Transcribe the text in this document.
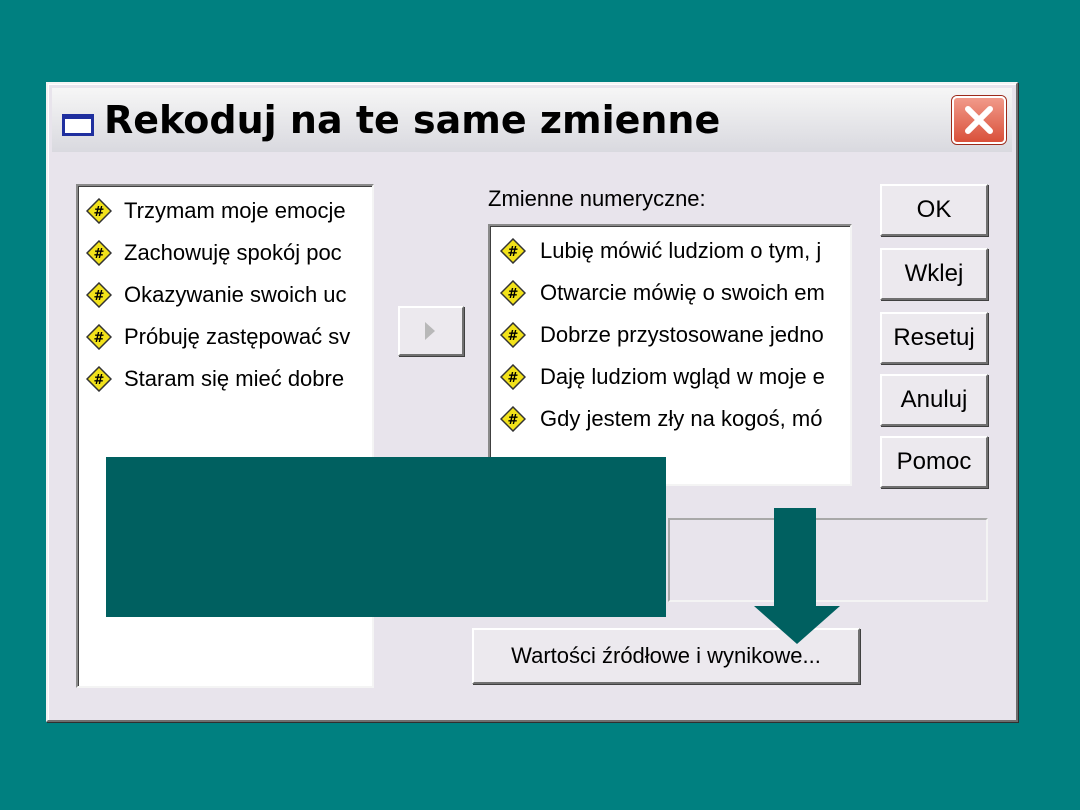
Rekoduj na te same zmienne
# Trzymam moje emocje
# Zachowuję spokój poc
# Okazywanie swoich uc
# Próbuję zastępować sv
# Staram się mieć dobre
Zmienne numeryczne:
# Lubię mówić ludziom o tym, j
# Otwarcie mówię o swoich em
# Dobrze przystosowane jedno
# Daję ludziom wgląd w moje e
# Gdy jestem zły na kogoś, mó
OK
Wklej
Resetuj
Anuluj
Pomoc
Wartości źródłowe i wynikowe...
